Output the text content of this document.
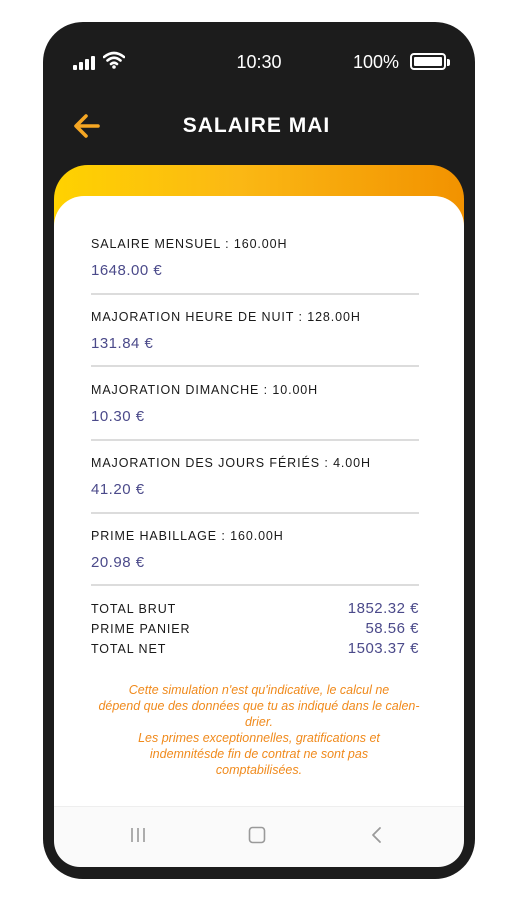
10:30	100%
SALAIRE MAI
SALAIRE MENSUEL : 160.00H
1648.00 €
MAJORATION HEURE DE NUIT : 128.00H
131.84 €
MAJORATION DIMANCHE : 10.00H
10.30 €
MAJORATION DES JOURS FÉRIÉS : 4.00H
41.20 €
PRIME HABILLAGE : 160.00H
20.98 €
TOTAL BRUT	1852.32 €
PRIME PANIER	58.56 €
TOTAL NET	1503.37 €
Cette simulation n'est qu'indicative, le calcul ne
dépend que des données que tu as indiqué dans le calen-
drier.
Les primes exceptionnelles, gratifications et
indemnitésde fin de contrat ne sont pas
comptabilisées.
